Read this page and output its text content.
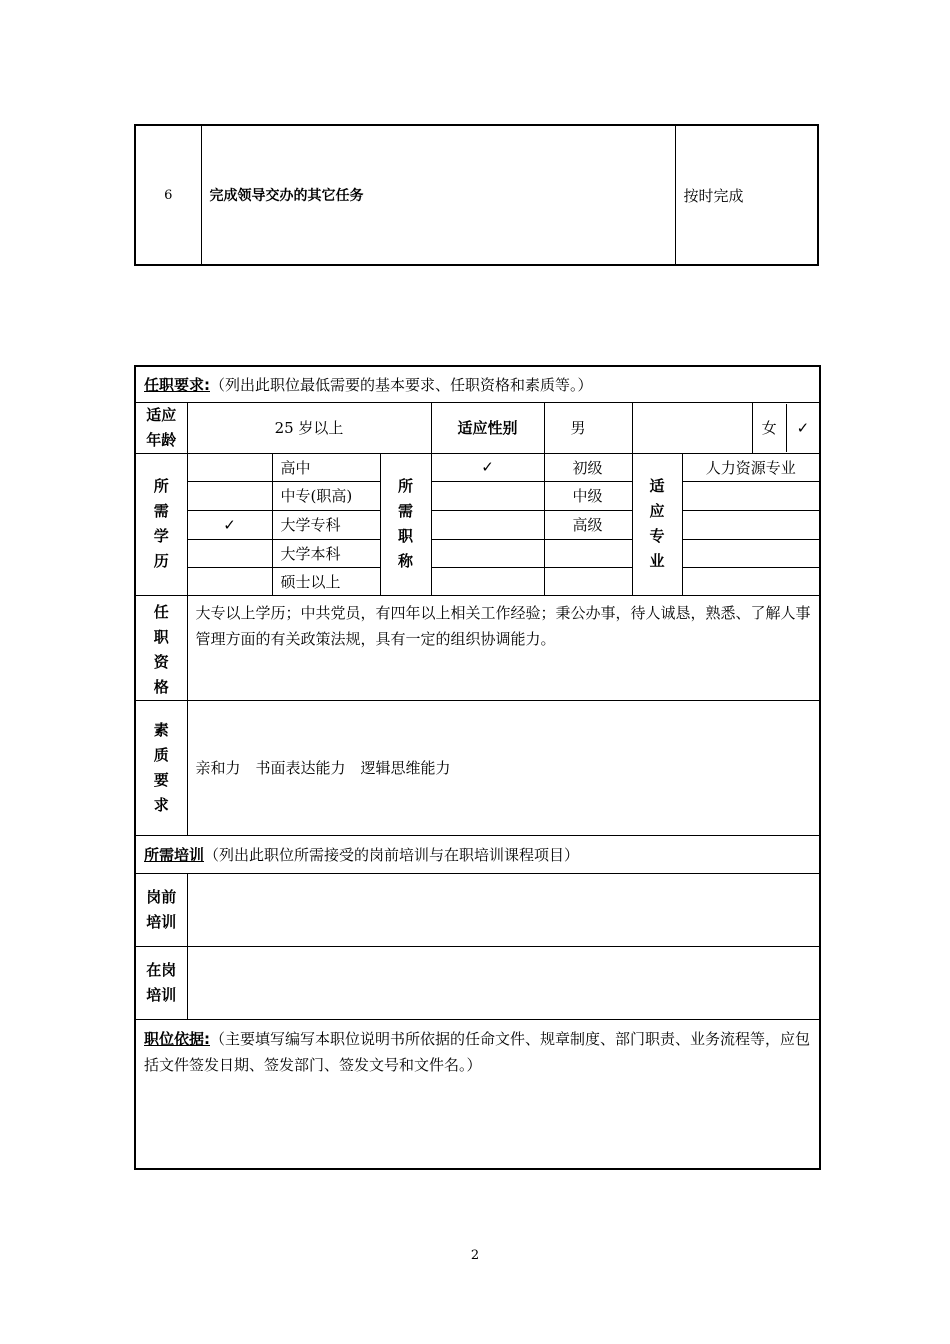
6	完成领导交办的其它任务	按时完成
任职要求:（列出此职位最低需要的基本要求、任职资格和素质等。）
适应年龄	25 岁以上	适应性别	男			女	✓

所需学历		高中	所需职称	✓	初级	适应专业	人力资源专业
	中专(职高)		中级	
✓	大学专科		高级	
	大学本科			
	硕士以上			
任职资格	大专以上学历；中共党员，有四年以上相关工作经验；秉公办事，待人诚恳，熟悉、了解人事管理方面的有关政策法规，具有一定的组织协调能力。
素质要求	亲和力　书面表达能力　逻辑思维能力
所需培训（列出此职位所需接受的岗前培训与在职培训课程项目）
岗前培训	
在岗培训	
职位依据:（主要填写编写本职位说明书所依据的任命文件、规章制度、部门职责、业务流程等，应包括文件签发日期、签发部门、签发文号和文件名。）
2
